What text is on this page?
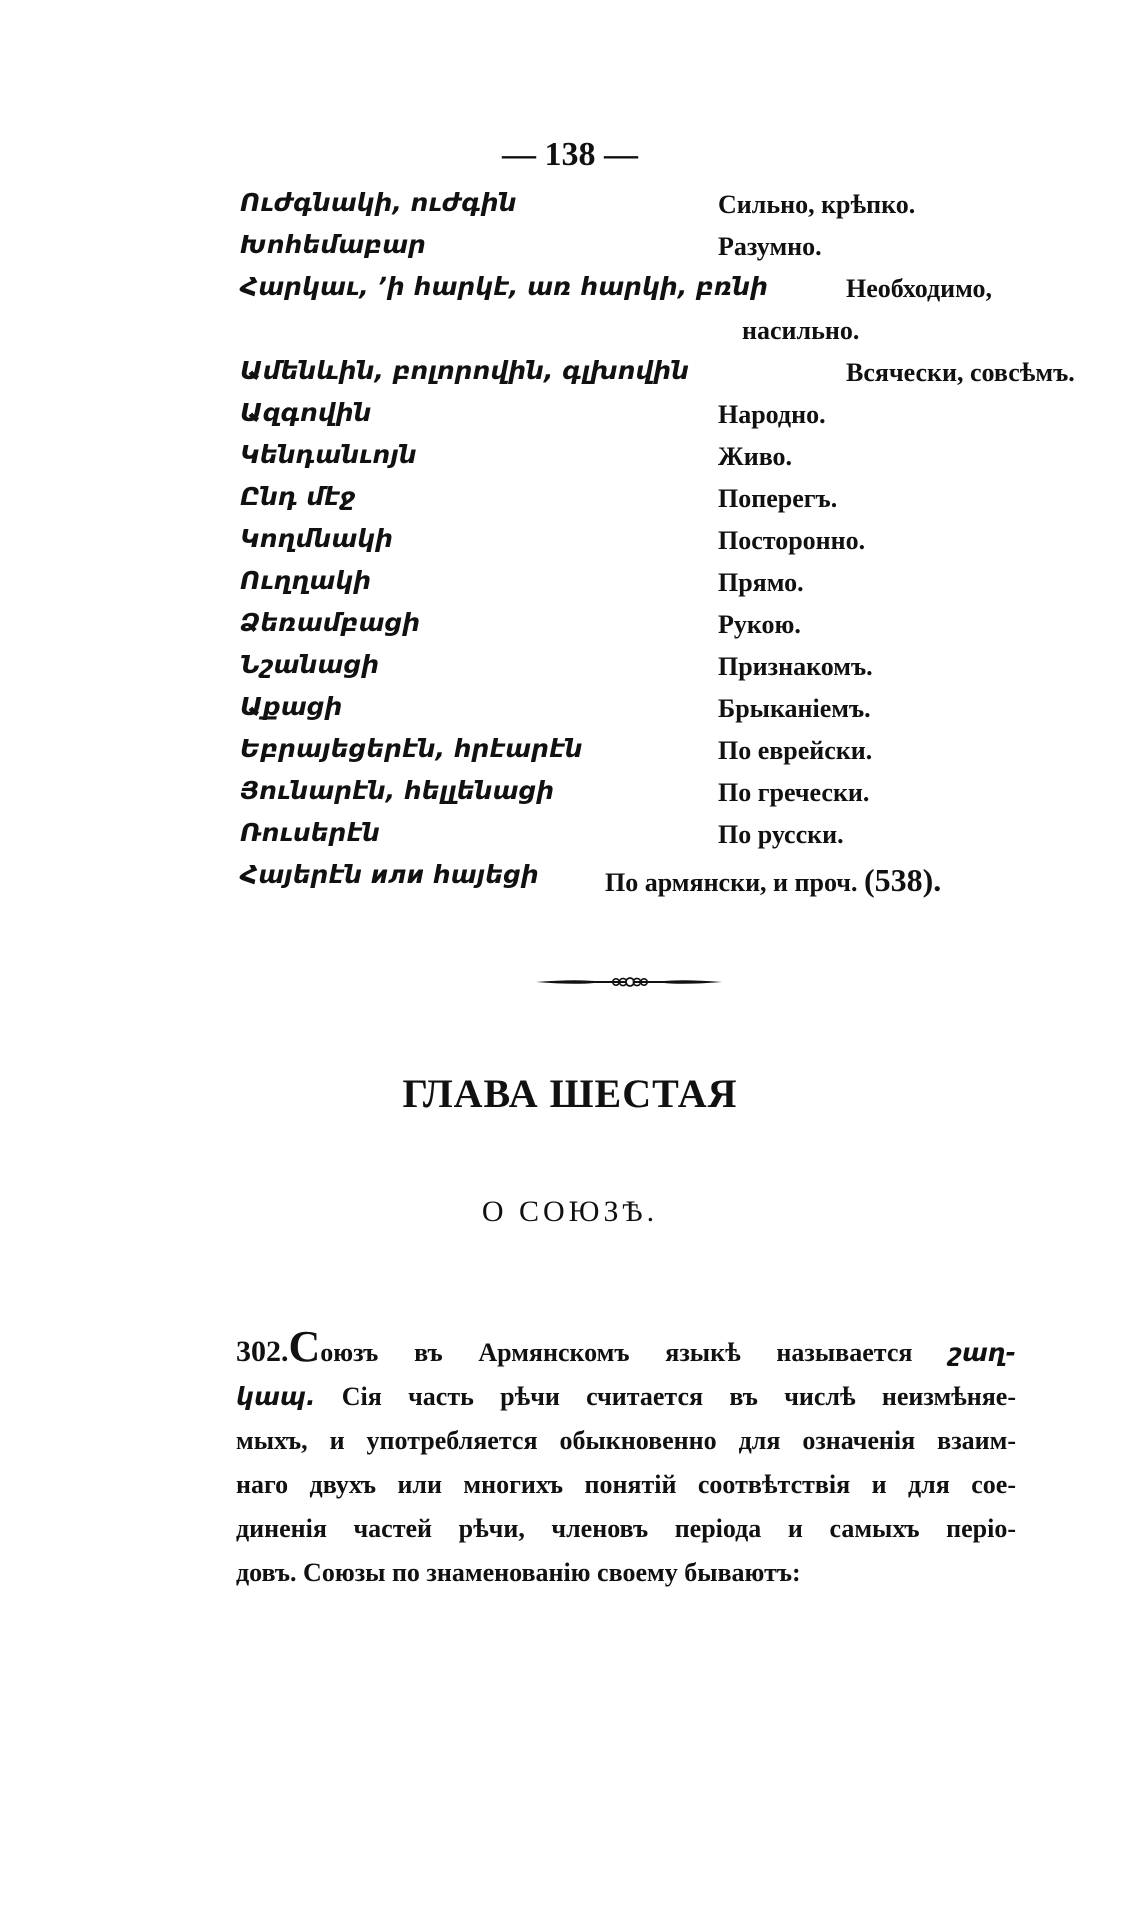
— 138 —
Ուժգնակի, ուժգին	Сильно, крѣпко.
Խոհեմաբար	Разумно.
Հարկաւ, ՚ի հարկէ, առ հարկի, բռնի	Необходимо,
насильно.
Ամենևին, բոլորովին, գլխովին	Всячески, совсѣмъ.
Ազգովին	Народно.
Կենդանւոյն	Живо.
Ընդ մէջ	Поперегъ.
Կողմնակի	Посторонно.
Ուղղակի	Прямо.
Ձեռամբացի	Рукою.
Նշանացի	Признакомъ.
Աքացի	Брыканіемъ.
Եբրայեցերէն, հրէարէն	По еврейски.
Յունարէն, հելլենացի	По гречески.
Ռուսերէն	По русски.
Հայերէն или հայեցի	По армянски, и проч. (538).
ГЛАВА ШЕСТАЯ
О СОЮЗѢ.
302.Союзъ въ Армянскомъ языкѣ называется շաղ-
կապ. Сія часть рѣчи считается въ числѣ неизмѣняе-
мыхъ, и употребляется обыкновенно для означенія взаим-
наго двухъ или многихъ понятій соотвѣтствія и для сое-
диненія частей рѣчи, членовъ періода и самыхъ періо-
довъ. Союзы по знаменованію своему бываютъ:
